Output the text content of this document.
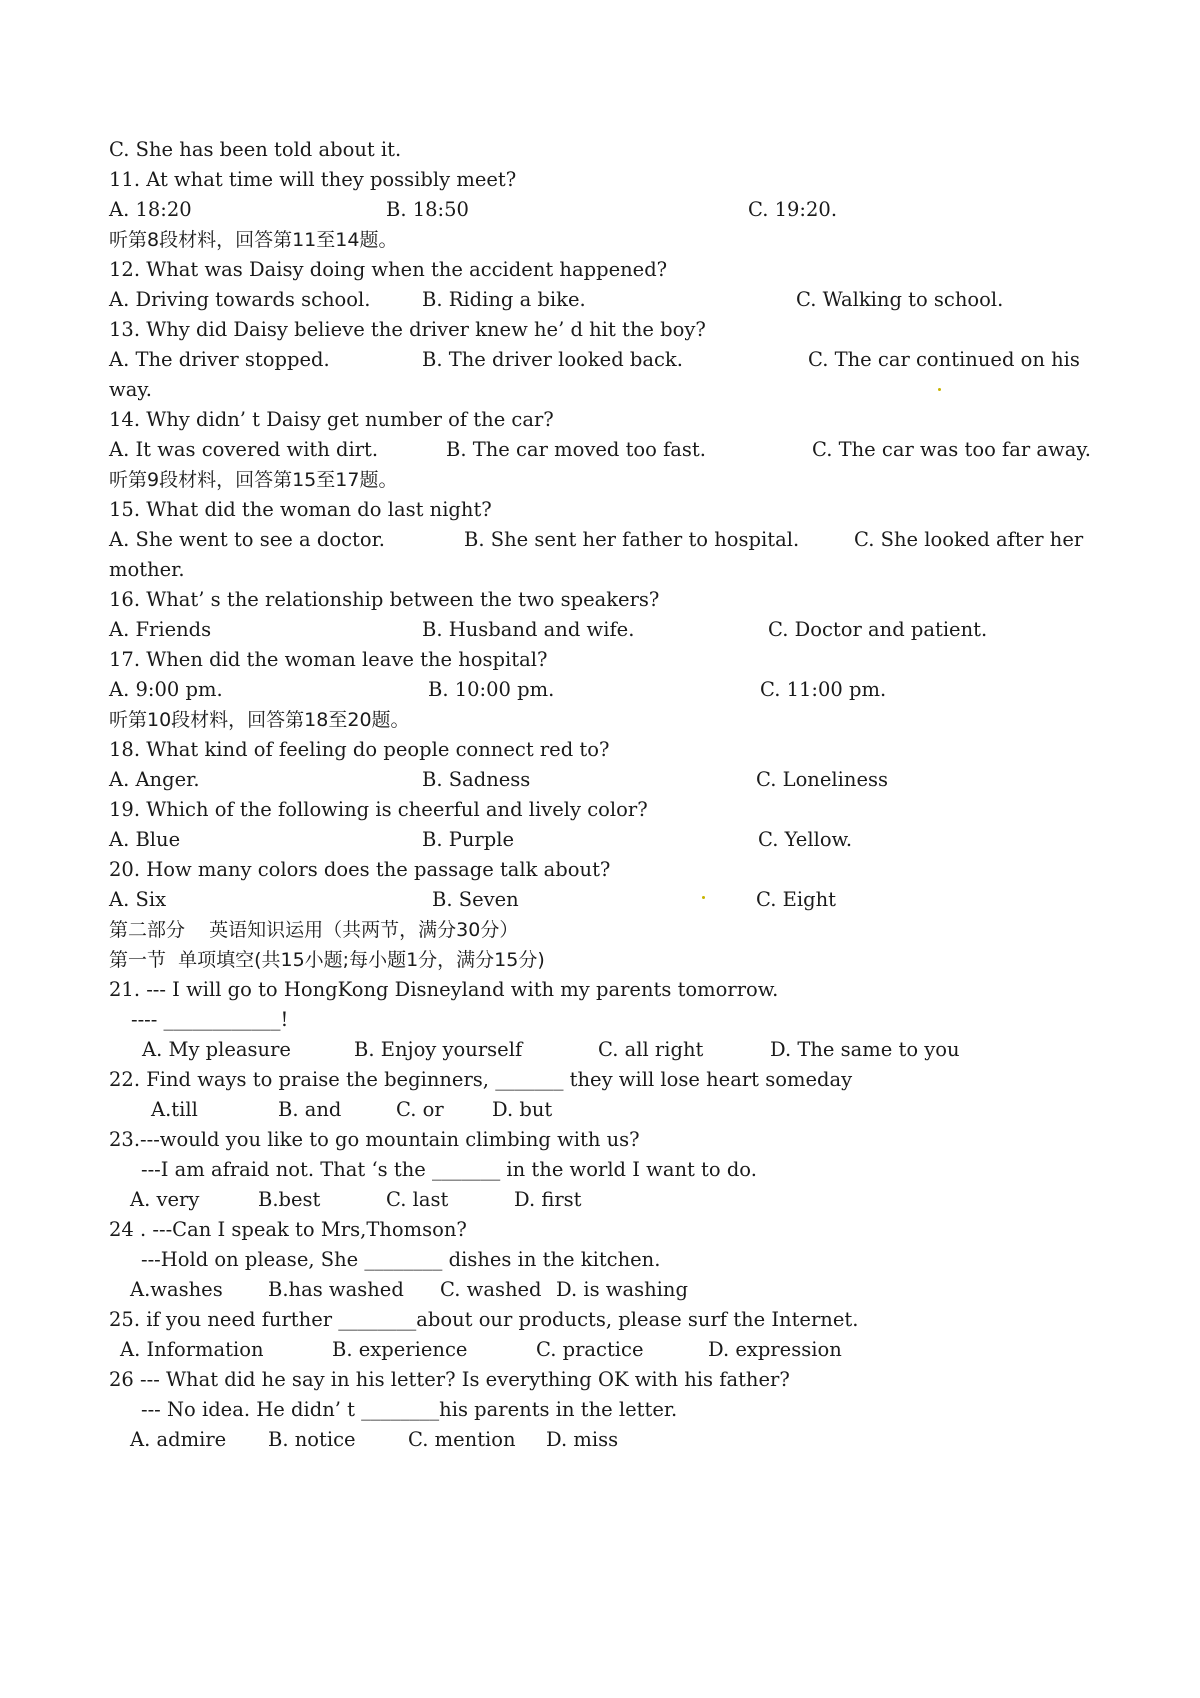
C. She has been told about it.
11. At what time will they possibly meet?

A. 18:20

	B. 18:50

	C. 19:20.

听第8段材料，回答第11至14题。
12. What was Daisy doing when the accident happened?

A. Driving towards school.

	B. Riding a bike.

	C. Walking to school.

13. Why did Daisy believe the driver knew he’ d hit the boy?

A. The driver stopped.

	B. The driver looked back.

	C. The car continued on his

way.
14. Why didn’ t Daisy get number of the car?

A. It was covered with dirt.

	B. The car moved too fast.

	C. The car was too far away.

听第9段材料，回答第15至17题。
15. What did the woman do last night?

A. She went to see a doctor.

	B. She sent her father to hospital.

	C. She looked after her

mother.
16. What’ s the relationship between the two speakers?

A. Friends

	B. Husband and wife.

	C. Doctor and patient.

17. When did the woman leave the hospital?

A. 9:00 pm.

	B. 10:00 pm.

	C. 11:00 pm.

听第10段材料，回答第18至20题。
18. What kind of feeling do people connect red to?

A. Anger.

	B. Sadness

	C. Loneliness

19. Which of the following is cheerful and lively color?

A. Blue

	B. Purple

	C. Yellow.

20. How many colors does the passage talk about?

A. Six

	B. Seven

	C. Eight

第二部分    英语知识运用（共两节，满分30分）
第一节  单项填空(共15小题;每小题1分，满分15分)
21. --- I will go to HongKong Disneyland with my parents tomorrow.
---- ____________!

A. My pleasure

	B. Enjoy yourself

	C. all right

	D. The same to you

22. Find ways to praise the beginners, _______ they will lose heart someday

A.till

	B. and

	C. or

D. but

23.---would you like to go mountain climbing with us?
---I am afraid not. That ‘s the _______ in the world I want to do.

A. very

	B.best

	C. last

	D. first

24 . ---Can I speak to Mrs,Thomson?
---Hold on please, She ________ dishes in the kitchen.

A.washes

B.has washed

C. washed

D. is washing

25. if you need further ________about our products, please surf the Internet.

A. Information

	B. experience

	C. practice

	D. expression

26 --- What did he say in his letter? Is everything OK with his father?
--- No idea. He didn’ t ________his parents in the letter.

A. admire

B. notice

	C. mention

D. miss
